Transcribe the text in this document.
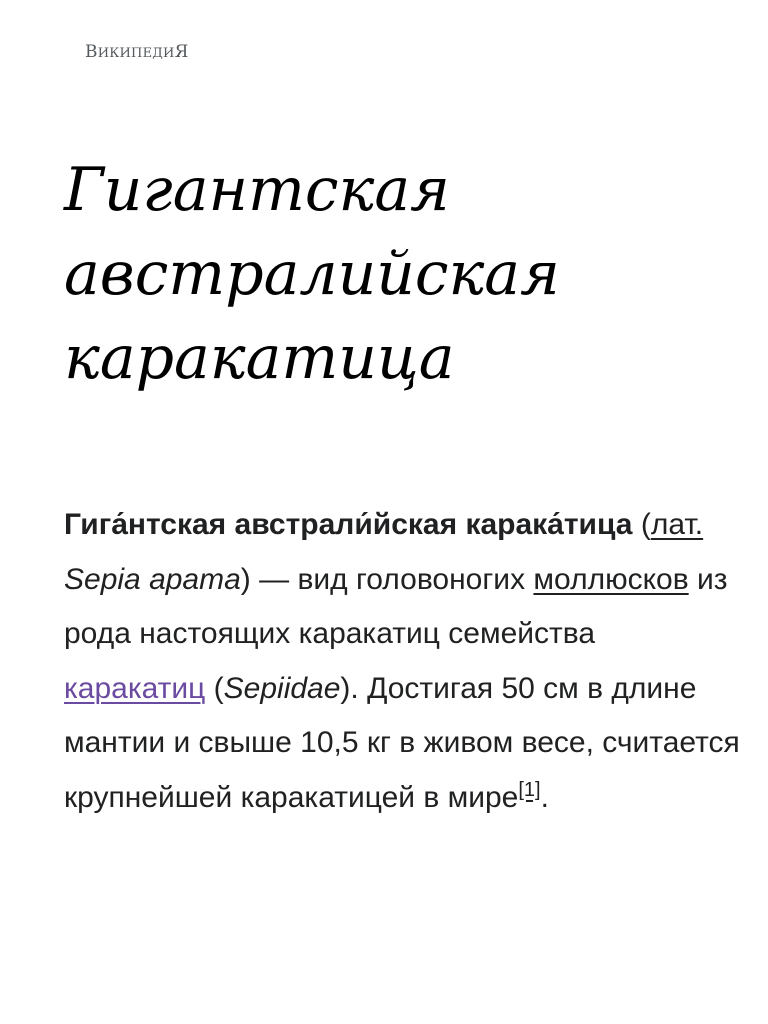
ВИКИПЕДИЯ
Гигантская
австралийская
каракатица

Гига́нтская австрали́йская карака́тица (лат. Sepia apama) — вид головоногих моллюсков из рода настоящих каракатиц семейства каракатиц (Sepiidae). Достигая 50 см в длине мантии и свыше 10,5 кг в живом весе, считается крупнейшей каракатицей в мире[1].
